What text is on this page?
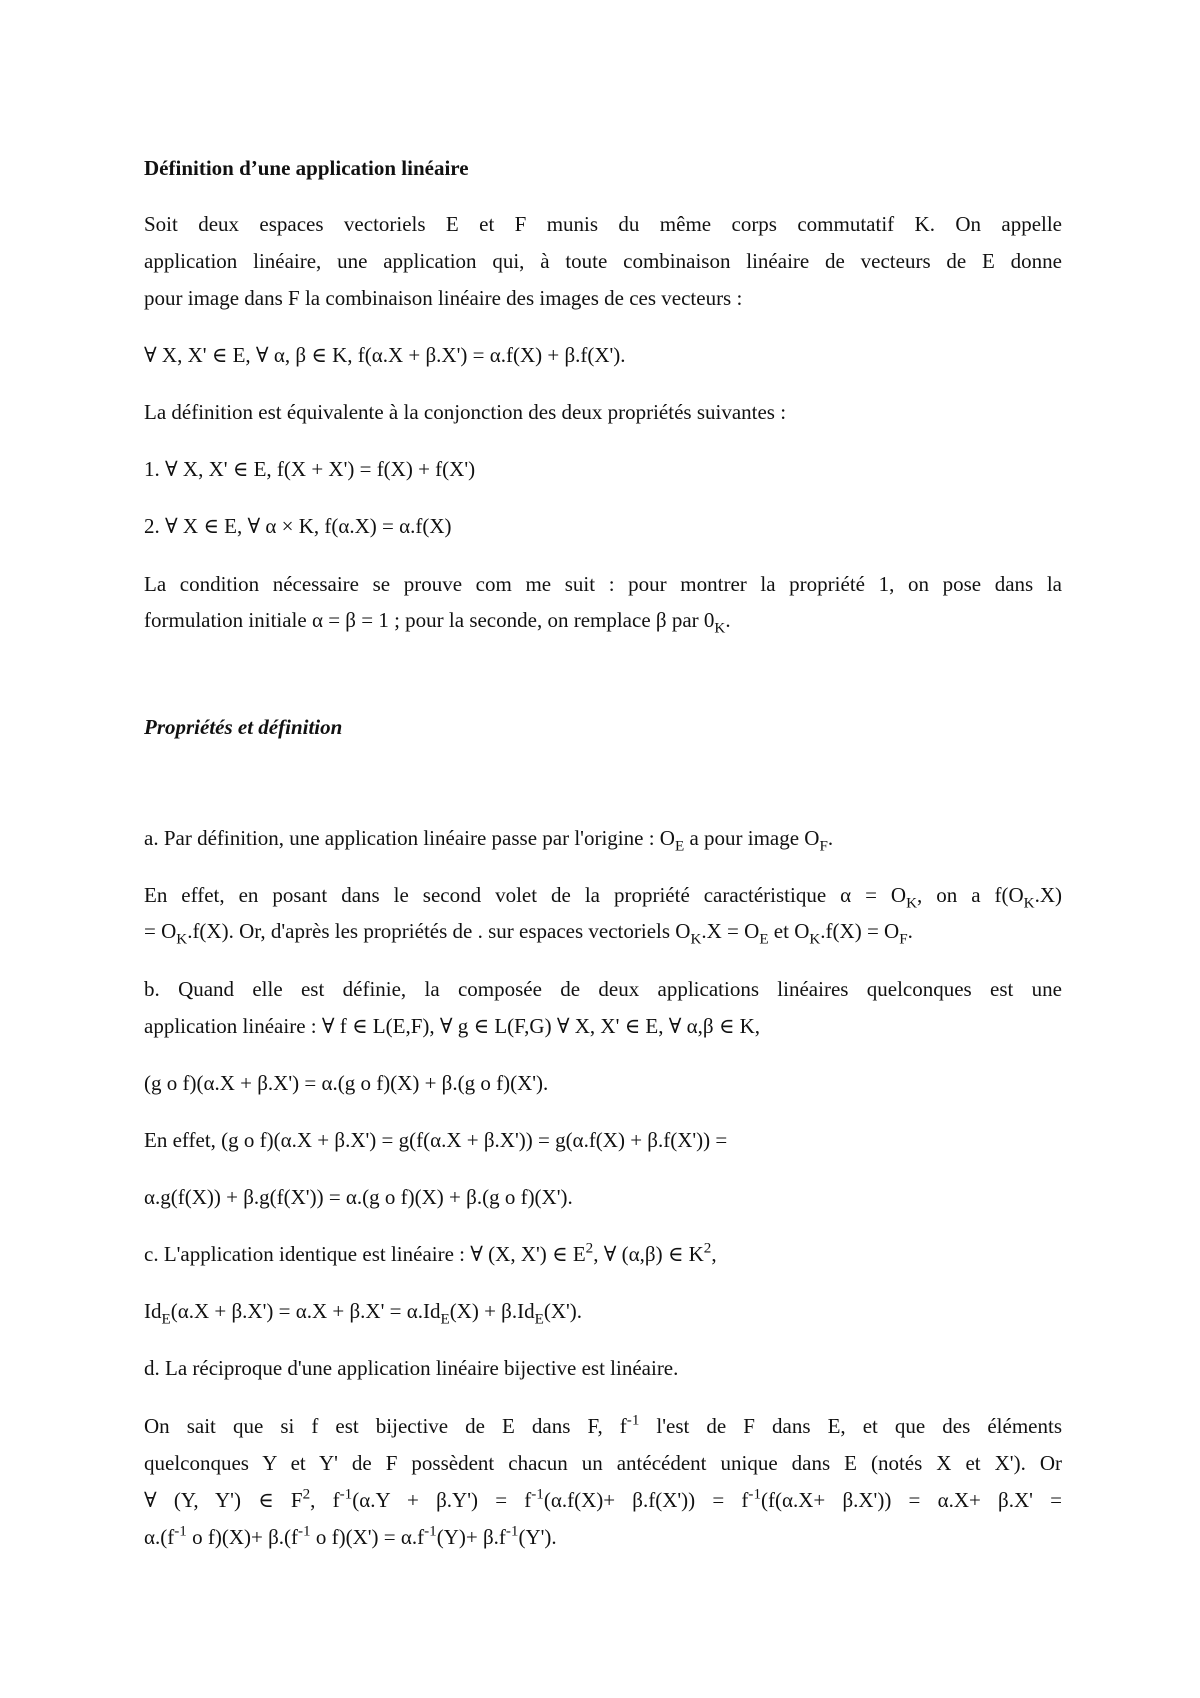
Définition d’une application linéaire
Soit deux espaces vectoriels E et F munis du même corps commutatif K. On appelle
application linéaire, une application qui, à toute combinaison linéaire de vecteurs de E donne
pour image dans F la combinaison linéaire des images de ces vecteurs :
∀ X, X' ∈ E, ∀ α, β ∈ K, f(α.X + β.X') = α.f(X) + β.f(X').
La définition est équivalente à la conjonction des deux propriétés suivantes :
1. ∀ X, X' ∈ E, f(X + X') = f(X) + f(X')
2. ∀ X ∈ E, ∀ α × K, f(α.X) = α.f(X)
La condition nécessaire se prouve com me suit : pour montrer la propriété 1, on pose dans la
formulation initiale α = β = 1 ; pour la seconde, on remplace β par $0_K$.
Propriétés et définition
a. Par définition, une application linéaire passe par l'origine : $O_E$ a pour image $O_F$.
En effet, en posant dans le second volet de la propriété caractéristique $\alpha = O_K$, on a $f(O_K.X)$
= $O_K.f(X)$. Or, d'après les propriétés de . sur espaces vectoriels $O_K.X = O_E$ et $O_K.f(X) = O_F$.
b. Quand elle est définie, la composée de deux applications linéaires quelconques est une
application linéaire : ∀ f ∈ L(E,F), ∀ g ∈ L(F,G) ∀ X, X' ∈ E, ∀ α,β ∈ K,
(g o f)(α.X + β.X') = α.(g o f)(X) + β.(g o f)(X').
En effet, (g o f)(α.X + β.X') = g(f(α.X + β.X')) = g(α.f(X) + β.f(X')) =
α.g(f(X)) + β.g(f(X')) = α.(g o f)(X) + β.(g o f)(X').
c. L'application identique est linéaire : ∀ (X, X') ∈ $E^2$, ∀ (α,β) ∈ $K^2$,
$Id_E(\alpha.X + \beta.X') = \alpha.X + \beta.X' = \alpha.Id_E(X) + \beta.Id_E(X')$.
d. La réciproque d'une application linéaire bijective est linéaire.
On sait que si f est bijective de E dans F, $f^{-1}$ l'est de F dans E, et que des éléments
quelconques Y et Y' de F possèdent chacun un antécédent unique dans E (notés X et X'). Or
∀ (Y, Y') ∈ $F^2$, $f^{-1}(\alpha.Y + \beta.Y') = f^{-1}(\alpha.f(X)+ \beta.f(X')) = f^{-1}(f(\alpha.X+ \beta.X')) = \alpha.X+ \beta.X'$ =
$\alpha.(f^{-1}$ o $f)(X)+ \beta.(f^{-1}$ o $f)(X') = \alpha.f^{-1}(Y)+ \beta.f^{-1}(Y')$.
